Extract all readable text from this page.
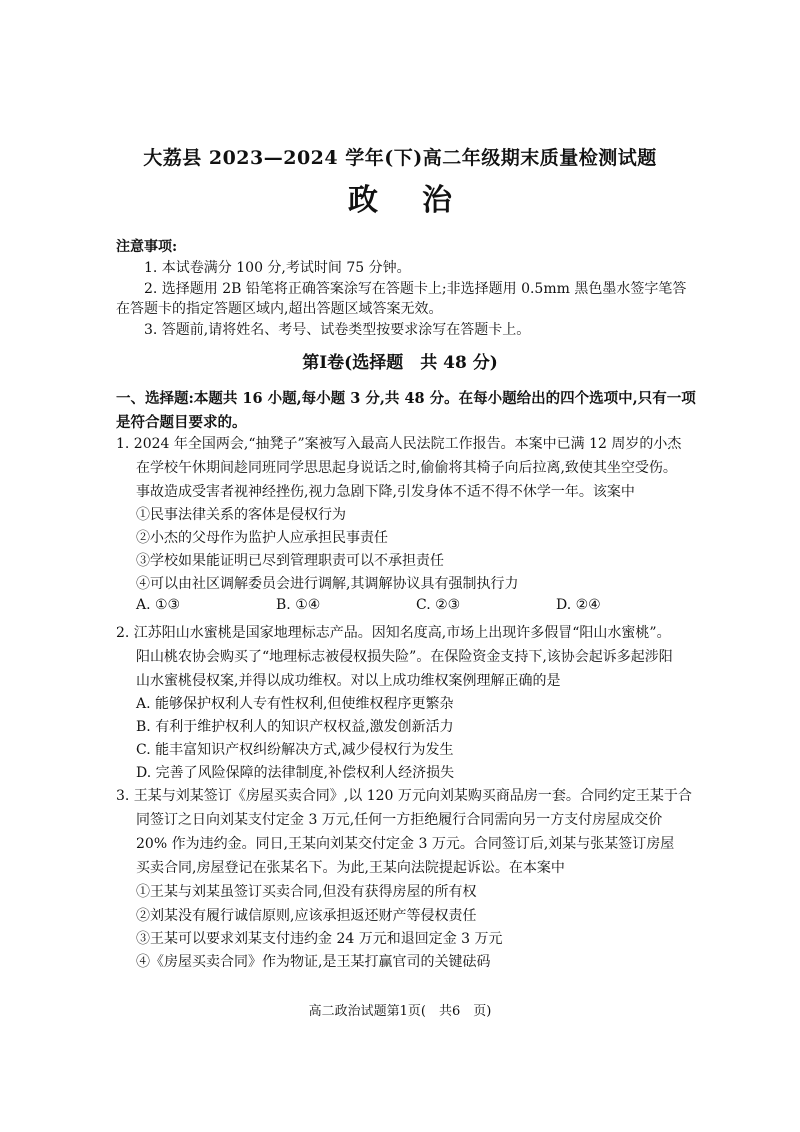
大荔县 2023—2024 学年(下)高二年级期末质量检测试题
政治
注意事项:
1. 本试卷满分 100 分,考试时间 75 分钟。
2. 选择题用 2B 铅笔将正确答案涂写在答题卡上;非选择题用 0.5mm 黑色墨水签字笔答
在答题卡的指定答题区域内,超出答题区域答案无效。
3. 答题前,请将姓名、考号、试卷类型按要求涂写在答题卡上。
第Ⅰ卷(选择题　共 48 分)
一、选择题:本题共 16 小题,每小题 3 分,共 48 分。在每小题给出的四个选项中,只有一项
是符合题目要求的。
1. 2024 年全国两会,“抽凳子”案被写入最高人民法院工作报告。本案中已满 12 周岁的小杰
在学校午休期间趁同班同学思思起身说话之时,偷偷将其椅子向后拉离,致使其坐空受伤。
事故造成受害者视神经挫伤,视力急剧下降,引发身体不适不得不休学一年。该案中
①民事法律关系的客体是侵权行为
②小杰的父母作为监护人应承担民事责任
③学校如果能证明已尽到管理职责可以不承担责任
④可以由社区调解委员会进行调解,其调解协议具有强制执行力
A. ①③	B. ①④	C. ②③	D. ②④
2. 江苏阳山水蜜桃是国家地理标志产品。因知名度高,市场上出现许多假冒“阳山水蜜桃”。
阳山桃农协会购买了“地理标志被侵权损失险”。在保险资金支持下,该协会起诉多起涉阳
山水蜜桃侵权案,并得以成功维权。对以上成功维权案例理解正确的是
A. 能够保护权利人专有性权利,但使维权程序更繁杂
B. 有利于维护权利人的知识产权权益,激发创新活力
C. 能丰富知识产权纠纷解决方式,减少侵权行为发生
D. 完善了风险保障的法律制度,补偿权利人经济损失
3. 王某与刘某签订《房屋买卖合同》,以 120 万元向刘某购买商品房一套。合同约定王某于合
同签订之日向刘某支付定金 3 万元,任何一方拒绝履行合同需向另一方支付房屋成交价
20% 作为违约金。同日,王某向刘某交付定金 3 万元。合同签订后,刘某与张某签订房屋
买卖合同,房屋登记在张某名下。为此,王某向法院提起诉讼。在本案中
①王某与刘某虽签订买卖合同,但没有获得房屋的所有权
②刘某没有履行诚信原则,应该承担返还财产等侵权责任
③王某可以要求刘某支付违约金 24 万元和退回定金 3 万元
④《房屋买卖合同》作为物证,是王某打赢官司的关键砝码
高二政治试题第1页(　共6　页)
